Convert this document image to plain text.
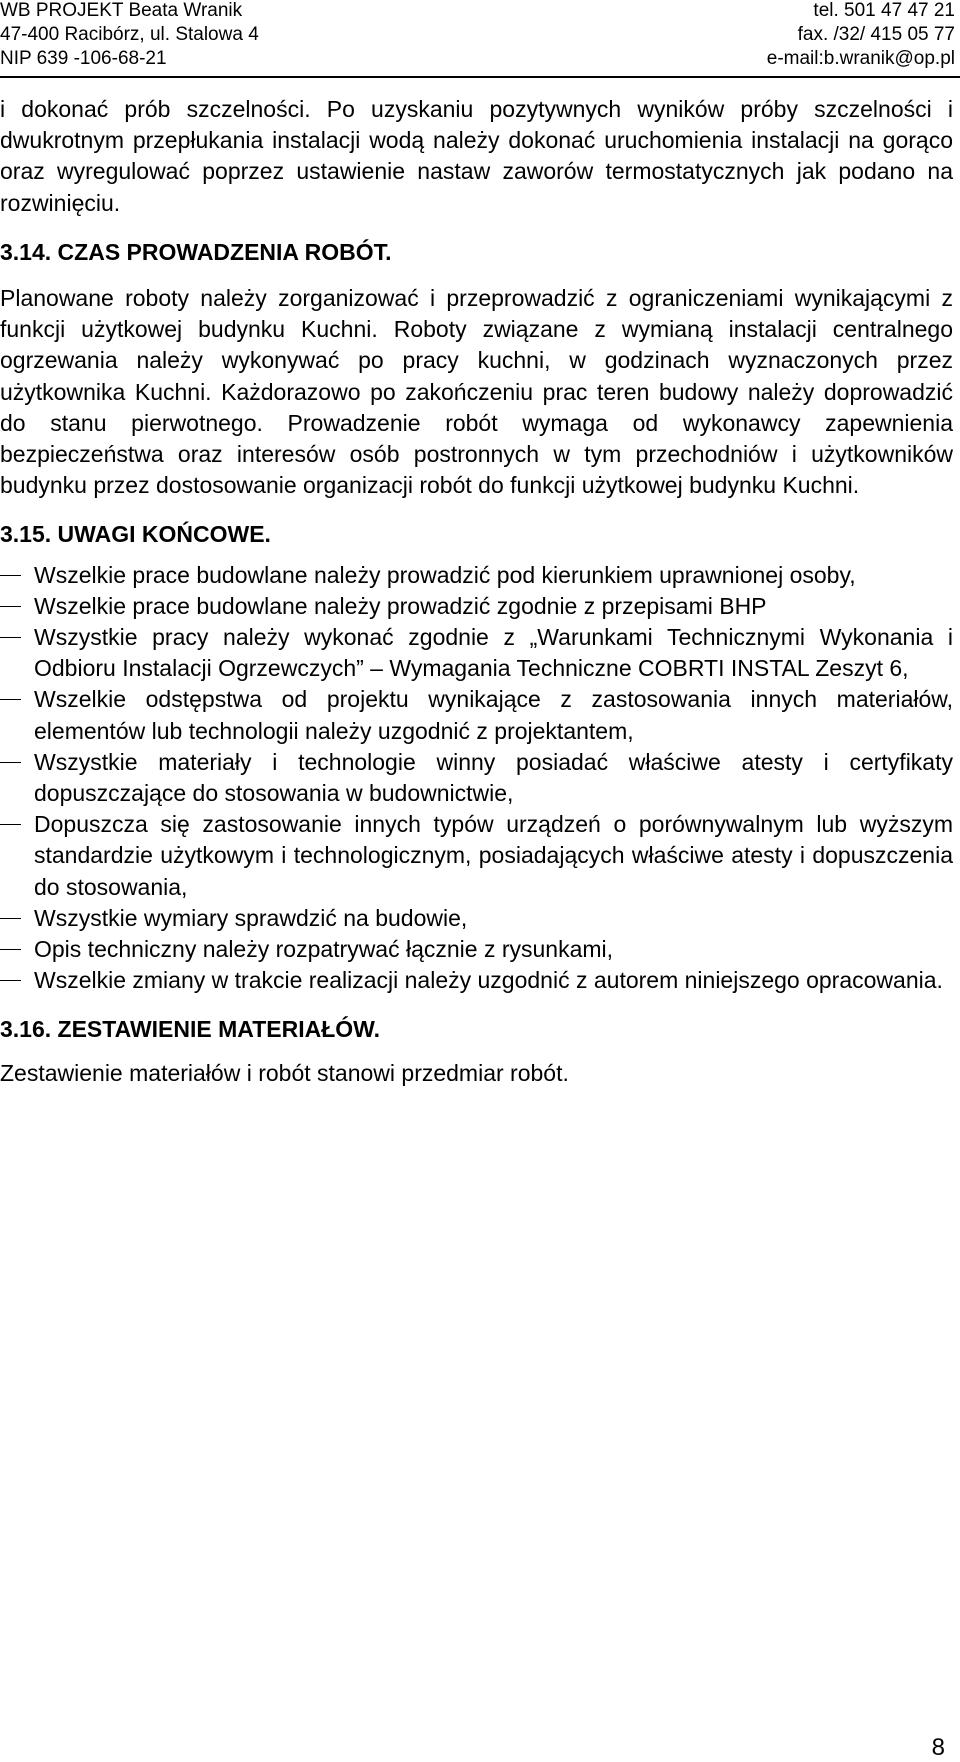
WB PROJEKT Beata Wranik	tel. 501 47 47 21
47-400 Racibórz, ul. Stalowa 4	fax. /32/ 415 05 77
NIP 639 -106-68-21	e-mail:b.wranik@op.pl

i dokonać prób szczelności. Po uzyskaniu pozytywnych wyników próby szczelności i dwukrotnym przepłukania instalacji wodą należy dokonać uruchomienia instalacji na gorąco oraz wyregulować poprzez ustawienie nastaw zaworów termostatycznych jak podano na rozwinięciu.

3.14. CZAS PROWADZENIA ROBÓT.

Planowane roboty należy zorganizować i przeprowadzić z ograniczeniami wynikającymi z funkcji użytkowej budynku Kuchni. Roboty związane z wymianą instalacji centralnego ogrzewania należy wykonywać po pracy kuchni, w godzinach wyznaczonych przez użytkownika Kuchni. Każdorazowo po zakończeniu prac teren budowy należy doprowadzić do stanu pierwotnego. Prowadzenie robót wymaga od wykonawcy zapewnienia bezpieczeństwa oraz interesów osób postronnych w tym przechodniów i użytkowników budynku przez dostosowanie organizacji robót do funkcji użytkowej budynku Kuchni.

3.15. UWAGI KOŃCOWE.
Wszelkie prace budowlane należy prowadzić pod kierunkiem uprawnionej osoby,
Wszelkie prace budowlane należy prowadzić zgodnie z przepisami BHP
Wszystkie pracy należy wykonać zgodnie z „Warunkami Technicznymi Wykonania i Odbioru Instalacji Ogrzewczych” – Wymagania Techniczne COBRTI INSTAL Zeszyt 6,
Wszelkie odstępstwa od projektu wynikające z zastosowania innych materiałów, elementów lub technologii należy uzgodnić z projektantem,
Wszystkie materiały i technologie winny posiadać właściwe atesty i certyfikaty dopuszczające do stosowania w budownictwie,
Dopuszcza się zastosowanie innych typów urządzeń o porównywalnym lub wyższym standardzie użytkowym i technologicznym, posiadających właściwe atesty i dopuszczenia do stosowania,
Wszystkie wymiary sprawdzić na budowie,
Opis techniczny należy rozpatrywać łącznie z rysunkami,
Wszelkie zmiany w trakcie realizacji należy uzgodnić z autorem niniejszego opracowania.
3.16. ZESTAWIENIE MATERIAŁÓW.

Zestawienie materiałów i robót stanowi przedmiar robót.

8
